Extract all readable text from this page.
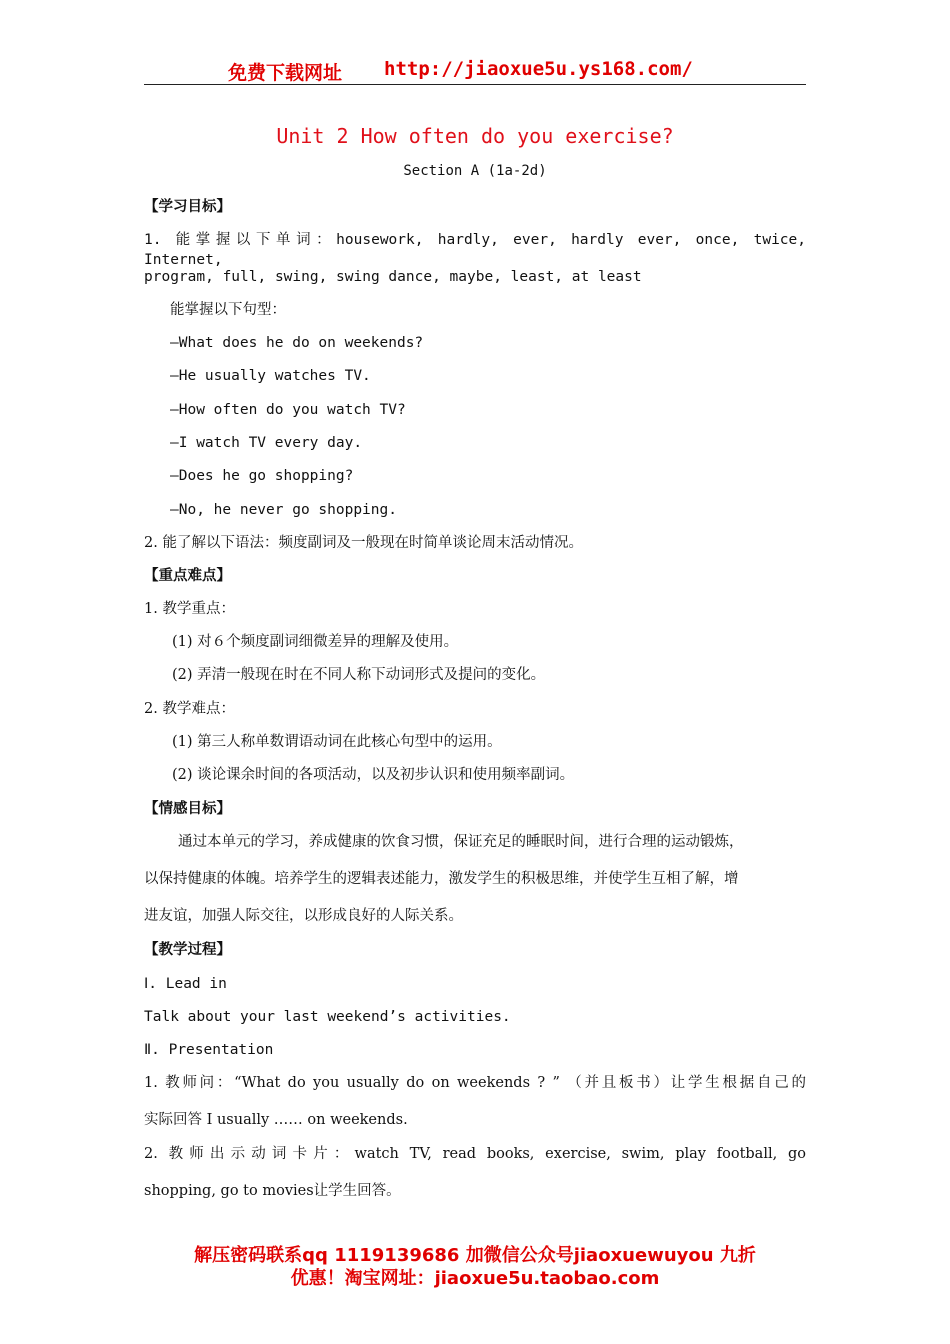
免费下载网址 http://jiaoxue5u.ys168.com/
Unit 2 How often do you exercise?
Section A (1a-2d)
【学习目标】
1. 能掌握以下单词：housework, hardly, ever, hardly ever, once, twice, Internet,
program, full, swing, swing dance, maybe, least, at least
能掌握以下句型：
—What does he do on weekends?
—He usually watches TV.
—How often do you watch TV?
—I watch TV every day.
—Does he go shopping?
—No, he never go shopping.
2. 能了解以下语法：频度副词及一般现在时简单谈论周末活动情况。
【重点难点】
1. 教学重点：
(1) 对６个频度副词细微差异的理解及使用。
(2) 弄清一般现在时在不同人称下动词形式及提问的变化。
2. 教学难点：
(1) 第三人称单数谓语动词在此核心句型中的运用。
(2) 谈论课余时间的各项活动，以及初步认识和使用频率副词。
【情感目标】
通过本单元的学习，养成健康的饮食习惯，保证充足的睡眠时间，进行合理的运动锻炼，
以保持健康的体魄。培养学生的逻辑表述能力，激发学生的积极思维，并使学生互相了解，增
进友谊，加强人际交往，以形成良好的人际关系。
【教学过程】
Ⅰ. Lead in
Talk about your last weekend’s activities.
Ⅱ. Presentation
1. 教师问：“What do you usually do on weekends ? ” （并且板书）让学生根据自己的
实际回答 I usually …… on weekends.
2. 教师出示动词卡片：watch TV, read books, exercise, swim, play football, go
shopping, go to movies让学生回答。
解压密码联系qq 1119139686 加微信公众号jiaoxuewuyou 九折
优惠！淘宝网址：jiaoxue5u.taobao.com
